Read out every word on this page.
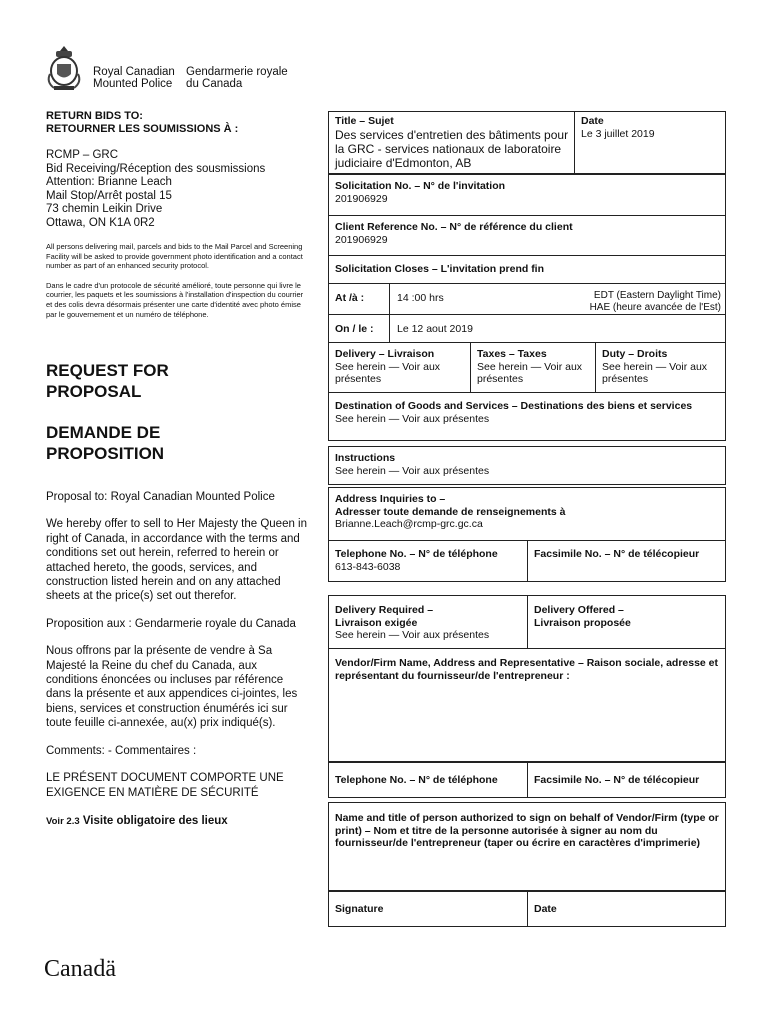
Royal Canadian
Mounted Police

Gendarmerie royale
du Canada
RETURN BIDS TO:
RETOURNER LES SOUMISSIONS À :
RCMP – GRC
Bid Receiving/Réception des sousmissions
Attention: Brianne Leach
Mail Stop/Arrêt postal 15
73 chemin Leikin Drive
Ottawa, ON K1A 0R2
All persons delivering mail, parcels and bids to the Mail Parcel and Screening Facility will be asked to provide government photo identification and a contact number as part of an enhanced security protocol.
Dans le cadre d'un protocole de sécurité amélioré, toute personne qui livre le courrier, les paquets et les soumissions à l'installation d'inspection du courrier et des colis devra désormais présenter une carte d'identité avec photo émise par le gouvernement et un numéro de téléphone.
REQUEST FOR
PROPOSAL
DEMANDE DE
PROPOSITION
Proposal to: Royal Canadian Mounted Police
We hereby offer to sell to Her Majesty the Queen in right of Canada, in accordance with the terms and conditions set out herein, referred to herein or attached hereto, the goods, services, and construction listed herein and on any attached sheets at the price(s) set out therefor.
Proposition aux : Gendarmerie royale du Canada
Nous offrons par la présente de vendre à Sa Majesté la Reine du chef du Canada, aux conditions énoncées ou incluses par référence dans la présente et aux appendices ci-jointes, les biens, services et construction énumérés ici sur toute feuille ci-annexée, au(x) prix indiqué(s).
Comments: - Commentaires :
LE PRÉSENT DOCUMENT COMPORTE UNE
EXIGENCE EN MATIÈRE DE SÉCURITÉ
Voir 2.3 Visite obligatoire des lieux
Title – Sujet
Des services d'entretien des bâtiments pour la GRC - services nationaux de laboratoire judiciaire d'Edmonton, AB
Date
Le 3 juillet 2019
Solicitation No. – N° de l'invitation
201906929
Client Reference No. – N° de référence du client
201906929
Solicitation Closes – L'invitation prend fin
At /à :	14 :00 hrs	EDT (Eastern Daylight Time)
HAE (heure avancée de l'Est)
On / le :	Le 12 aout 2019
Delivery – Livraison
See herein — Voir aux présentes
Taxes – Taxes
See herein — Voir aux présentes
Duty – Droits
See herein — Voir aux présentes
Destination of Goods and Services – Destinations des biens et services
See herein — Voir aux présentes
Instructions
See herein — Voir aux présentes
Address Inquiries to –
Adresser toute demande de renseignements à
Brianne.Leach@rcmp-grc.gc.ca
Telephone No. – N° de téléphone
613-843-6038
Facsimile No. – N° de télécopieur
Delivery Required –
Livraison exigée
See herein — Voir aux présentes
Delivery Offered –
Livraison proposée
Vendor/Firm Name, Address and Representative – Raison sociale, adresse et représentant du fournisseur/de l'entrepreneur :
Telephone No. – N° de téléphone	Facsimile No. – N° de télécopieur
Name and title of person authorized to sign on behalf of Vendor/Firm (type or print) – Nom et titre de la personne autorisée à signer au nom du fournisseur/de l'entrepreneur (taper ou écrire en caractères d'imprimerie)
Signature	Date
Canadä
